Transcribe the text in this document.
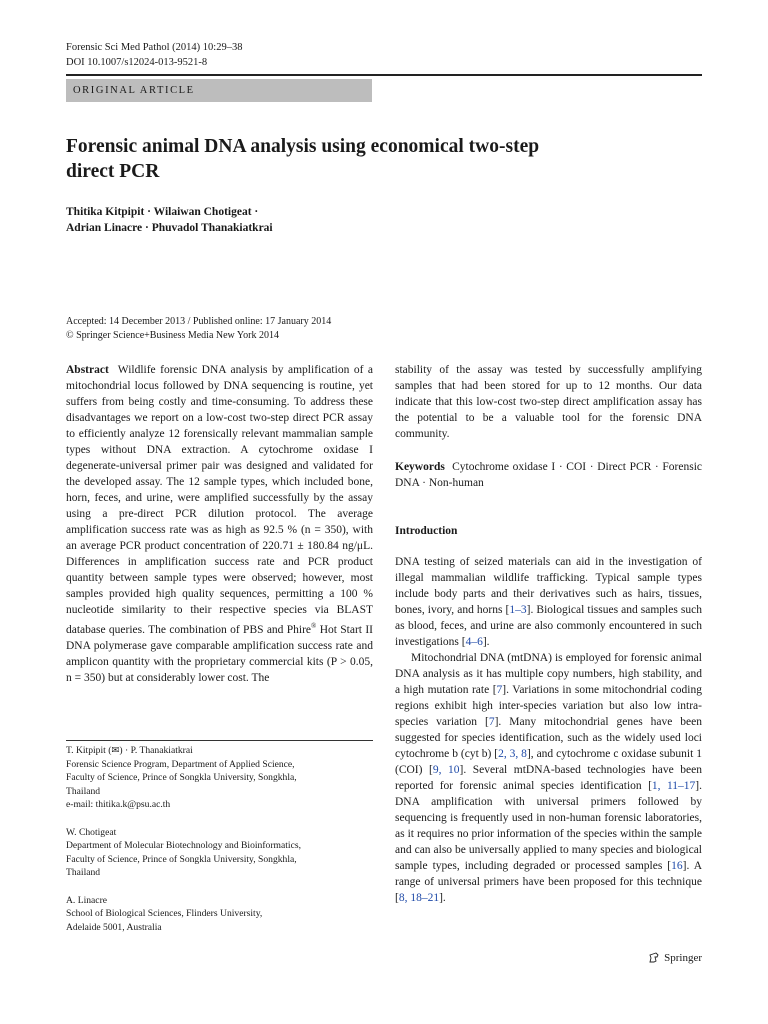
Forensic Sci Med Pathol (2014) 10:29–38
DOI 10.1007/s12024-013-9521-8
ORIGINAL ARTICLE
Forensic animal DNA analysis using economical two-step
direct PCR
Thitika Kitpipit · Wilaiwan Chotigeat ·
Adrian Linacre · Phuvadol Thanakiatkrai
Accepted: 14 December 2013 / Published online: 17 January 2014
© Springer Science+Business Media New York 2014

Abstract Wildlife forensic DNA analysis by amplification of a mitochondrial locus followed by DNA sequencing is routine, yet suffers from being costly and time-consuming. To address these disadvantages we report on a low-cost two-step direct PCR assay to efficiently analyze 12 forensically relevant mammalian sample types without DNA extraction. A cytochrome oxidase I degenerate-universal primer pair was designed and validated for the developed assay. The 12 sample types, which included bone, horn, feces, and urine, were amplified successfully by the assay using a pre-direct PCR dilution protocol. The average amplification success rate was as high as 92.5 % (n = 350), with an average PCR product concentration of 220.71 ± 180.84 ng/μL. Differences in amplification success rate and PCR product quantity between sample types were observed; however, most samples provided high quality sequences, permitting a 100 % nucleotide similarity to their respective species via BLAST database queries. The combination of PBS and Phire® Hot Start II DNA polymerase gave comparable amplification success rate and amplicon quantity with the proprietary commercial kits (P > 0.05, n = 350) but at considerably lower cost. The

T. Kitpipit (✉) · P. Thanakiatkrai
Forensic Science Program, Department of Applied Science,
Faculty of Science, Prince of Songkla University, Songkhla,
Thailand
e-mail: thitika.k@psu.ac.th

W. Chotigeat
Department of Molecular Biotechnology and Bioinformatics,
Faculty of Science, Prince of Songkla University, Songkhla,
Thailand

A. Linacre
School of Biological Sciences, Flinders University,
Adelaide 5001, Australia

stability of the assay was tested by successfully amplifying samples that had been stored for up to 12 months. Our data indicate that this low-cost two-step direct amplification assay has the potential to be a valuable tool for the forensic DNA community.

Keywords Cytochrome oxidase I · COI · Direct PCR · Forensic DNA · Non-human

Introduction

DNA testing of seized materials can aid in the investigation of illegal mammalian wildlife trafficking. Typical sample types include body parts and their derivatives such as hairs, tissues, bones, ivory, and horns [1–3]. Biological tissues and samples such as blood, feces, and urine are also commonly encountered in such investigations [4–6].

Mitochondrial DNA (mtDNA) is employed for forensic animal DNA analysis as it has multiple copy numbers, high stability, and a high mutation rate [7]. Variations in some mitochondrial coding regions exhibit high inter-species variation but also low intra-species variation [7]. Many mitochondrial genes have been suggested for species identification, such as the widely used loci cytochrome b (cyt b) [2, 3, 8], and cytochrome c oxidase subunit 1 (COI) [9, 10]. Several mtDNA-based technologies have been reported for forensic animal species identification [1, 11–17]. DNA amplification with universal primers followed by sequencing is frequently used in non-human forensic laboratories, as it requires no prior information of the species within the sample and can also be universally applied to many species and biological sample types, including degraded or processed samples [16]. A range of universal primers have been proposed for this technique [8, 18–21].

Springer
